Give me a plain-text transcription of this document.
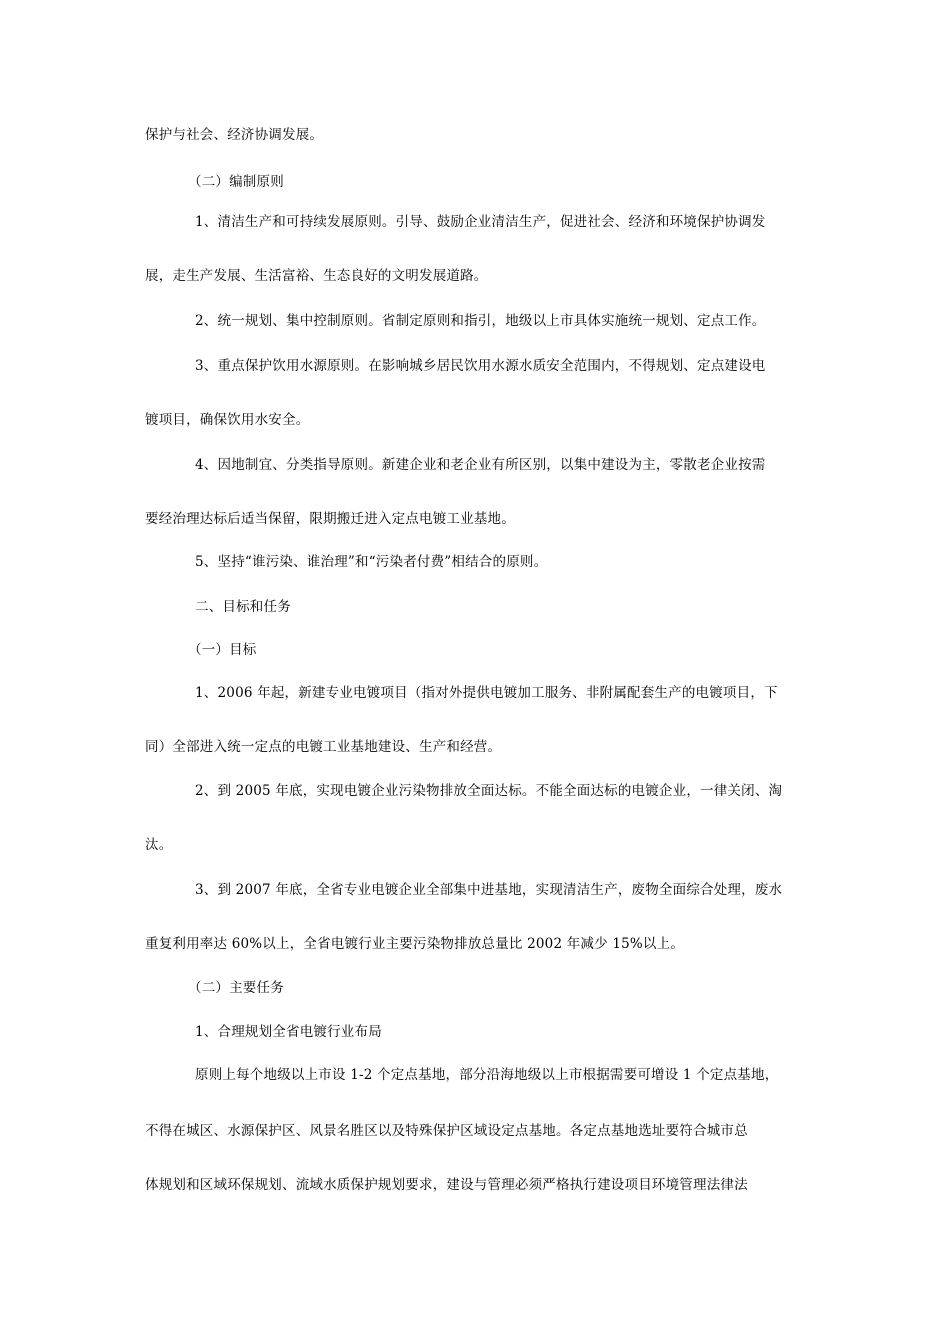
保护与社会、经济协调发展。
（二）编制原则
1、清洁生产和可持续发展原则。引导、鼓励企业清洁生产，促进社会、经济和环境保护协调发
展，走生产发展、生活富裕、生态良好的文明发展道路。
2、统一规划、集中控制原则。省制定原则和指引，地级以上市具体实施统一规划、定点工作。
3、重点保护饮用水源原则。在影响城乡居民饮用水源水质安全范围内，不得规划、定点建设电
镀项目，确保饮用水安全。
4、因地制宜、分类指导原则。新建企业和老企业有所区别，以集中建设为主，零散老企业按需
要经治理达标后适当保留，限期搬迁进入定点电镀工业基地。
5、坚持“谁污染、谁治理”和“污染者付费”相结合的原则。
二、目标和任务
（一）目标
1、2006 年起，新建专业电镀项目（指对外提供电镀加工服务、非附属配套生产的电镀项目，下
同）全部进入统一定点的电镀工业基地建设、生产和经营。
2、到 2005 年底，实现电镀企业污染物排放全面达标。不能全面达标的电镀企业，一律关闭、淘
汰。
3、到 2007 年底，全省专业电镀企业全部集中进基地，实现清洁生产，废物全面综合处理，废水
重复利用率达 60%以上，全省电镀行业主要污染物排放总量比 2002 年减少 15%以上。
（二）主要任务
1、合理规划全省电镀行业布局
原则上每个地级以上市设 1-2 个定点基地，部分沿海地级以上市根据需要可增设 1 个定点基地，
不得在城区、水源保护区、风景名胜区以及特殊保护区域设定点基地。各定点基地选址要符合城市总
体规划和区域环保规划、流域水质保护规划要求，建设与管理必须严格执行建设项目环境管理法律法
